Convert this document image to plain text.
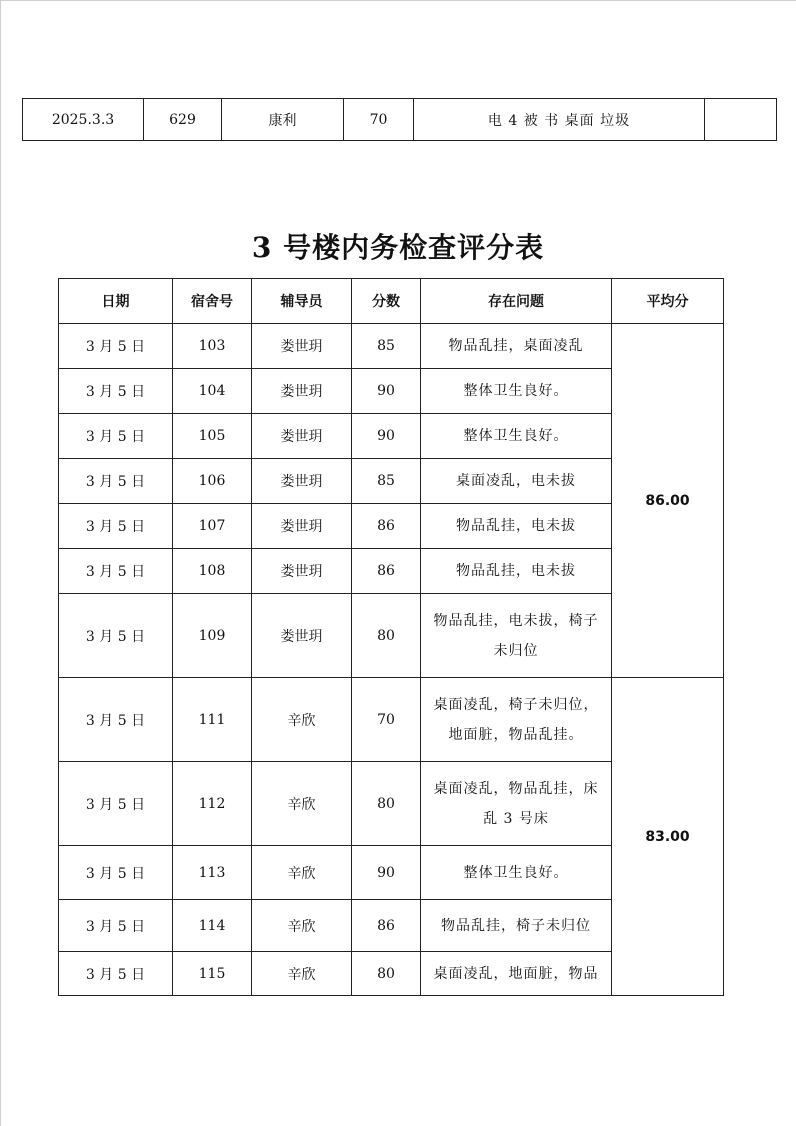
2025.3.3	629	康利	70	电 4 被 书 桌面 垃圾	
3 号楼内务检查评分表
日期	宿舍号	辅导员	分数	存在问题	平均分
3 月 5 日	103	娄世玥	85	物品乱挂，桌面凌乱	86.00
3 月 5 日	104	娄世玥	90	整体卫生良好。	
3 月 5 日	105	娄世玥	90	整体卫生良好。	
3 月 5 日	106	娄世玥	85	桌面凌乱，电未拔	
3 月 5 日	107	娄世玥	86	物品乱挂，电未拔	
3 月 5 日	108	娄世玥	86	物品乱挂，电未拔	
3 月 5 日	109	娄世玥	80	物品乱挂，电未拔，椅子未归位	
3 月 5 日	111	辛欣	70	桌面凌乱，椅子未归位，地面脏，物品乱挂。	83.00
3 月 5 日	112	辛欣	80	桌面凌乱，物品乱挂，床乱 3 号床	
3 月 5 日	113	辛欣	90	整体卫生良好。	
3 月 5 日	114	辛欣	86	物品乱挂，椅子未归位	
3 月 5 日	115	辛欣	80	桌面凌乱，地面脏，物品	
